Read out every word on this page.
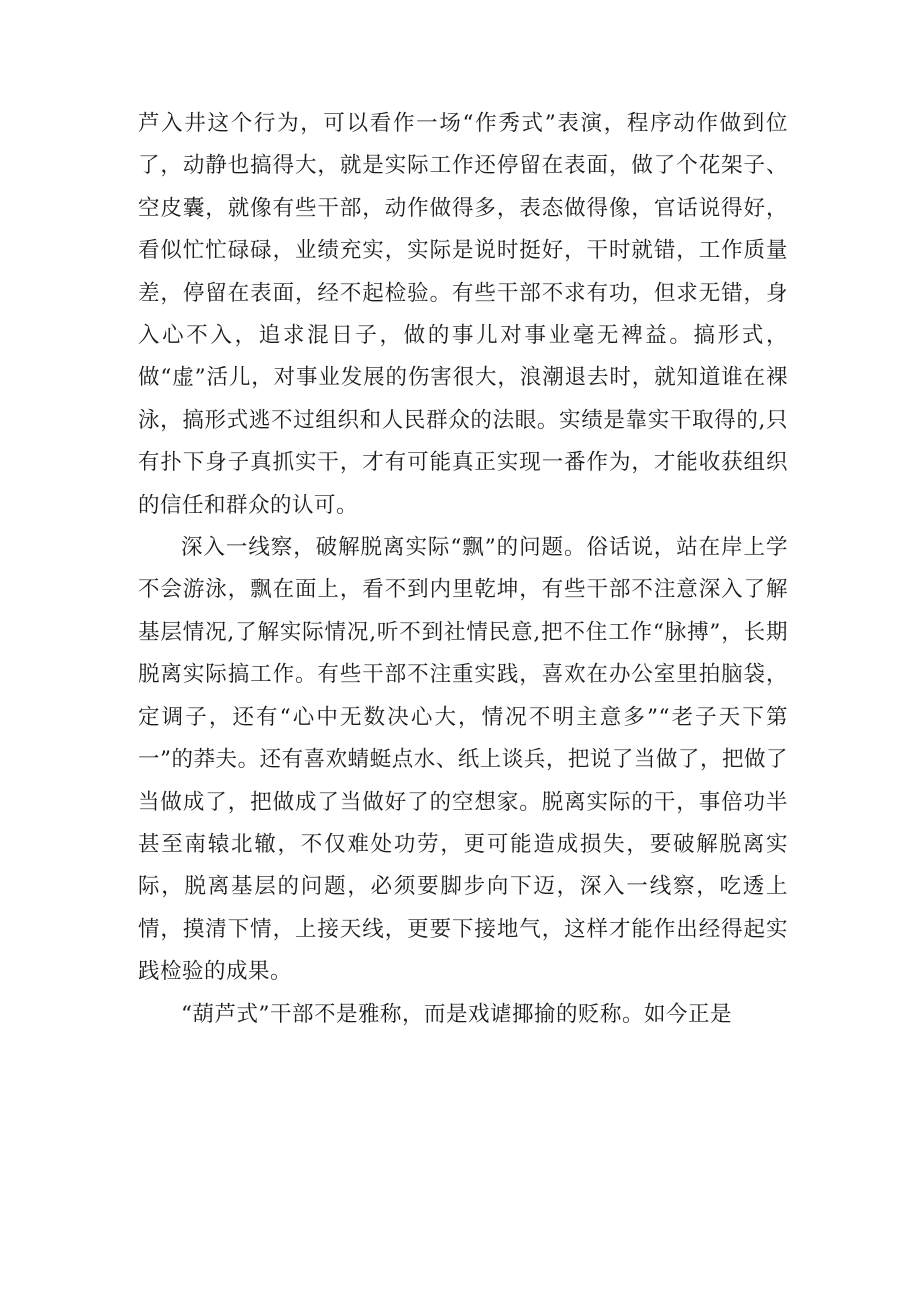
芦入井这个行为，可以看作一场“作秀式”表演，程序动作做到位了，动静也搞得大，就是实际工作还停留在表面，做了个花架子、空皮囊，就像有些干部，动作做得多，表态做得像，官话说得好，看似忙忙碌碌，业绩充实，实际是说时挺好，干时就错，工作质量差，停留在表面，经不起检验。有些干部不求有功，但求无错，身入心不入，追求混日子，做的事儿对事业毫无裨益。搞形式，做“虚”活儿，对事业发展的伤害很大，浪潮退去时，就知道谁在裸泳，搞形式逃不过组织和人民群众的法眼。实绩是靠实干取得的,只有扑下身子真抓实干，才有可能真正实现一番作为，才能收获组织的信任和群众的认可。

深入一线察，破解脱离实际“飘”的问题。俗话说，站在岸上学不会游泳，飘在面上，看不到内里乾坤，有些干部不注意深入了解基层情况,了解实际情况,听不到社情民意,把不住工作“脉搏”，长期脱离实际搞工作。有些干部不注重实践，喜欢在办公室里拍脑袋，定调子，还有“心中无数决心大，情况不明主意多”“老子天下第一”的莽夫。还有喜欢蜻蜓点水、纸上谈兵，把说了当做了，把做了当做成了，把做成了当做好了的空想家。脱离实际的干，事倍功半甚至南辕北辙，不仅难处功劳，更可能造成损失，要破解脱离实际，脱离基层的问题，必须要脚步向下迈，深入一线察，吃透上情，摸清下情，上接天线，更要下接地气，这样才能作出经得起实践检验的成果。

“葫芦式”干部不是雅称，而是戏谑揶揄的贬称。如今正是
